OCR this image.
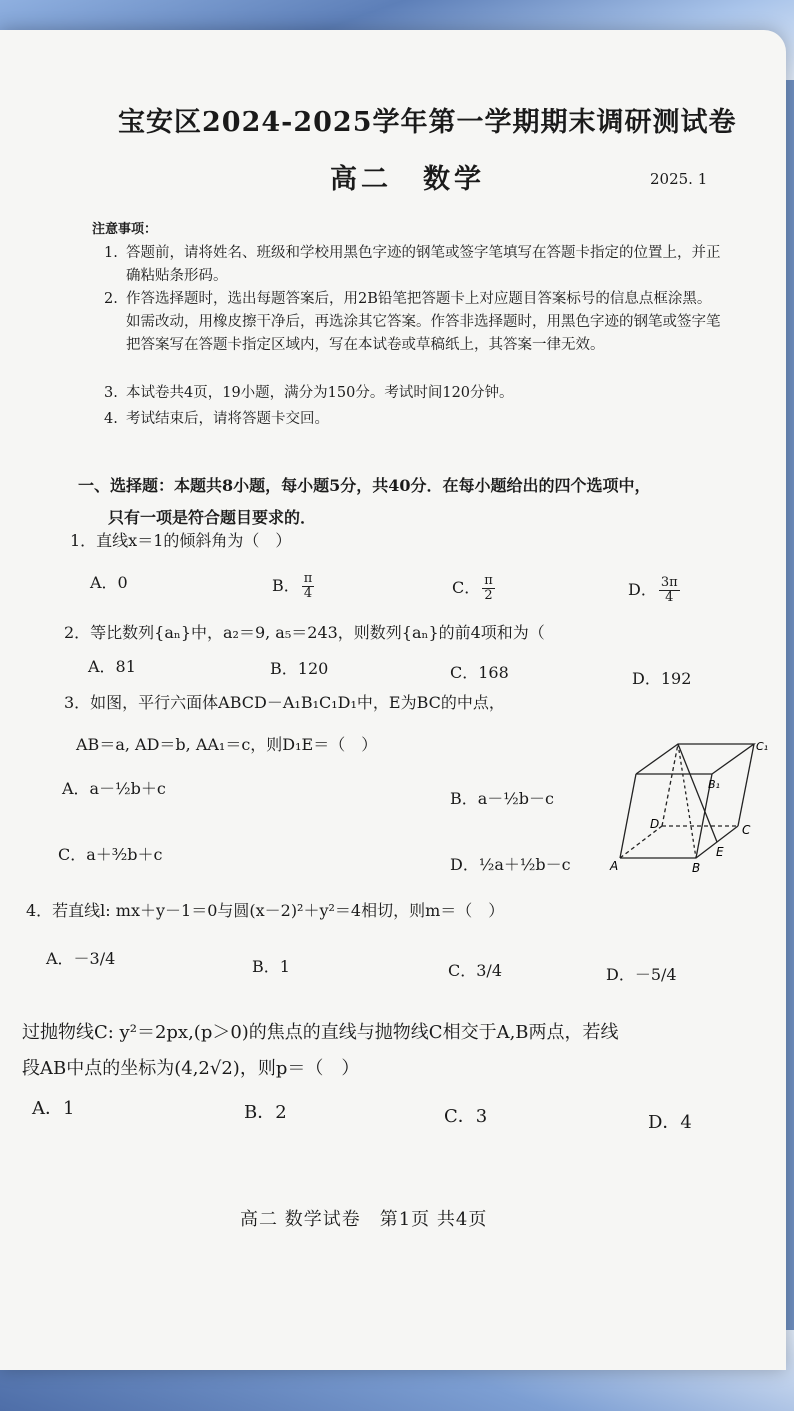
宝安区2024-2025学年第一学期期末调研测试卷
高二　数学	2025. 1
注意事项：
1. 答题前，请将姓名、班级和学校用黑色字迹的钢笔或签字笔填写在答题卡指定的位置上，并正确粘贴条形码。
2. 作答选择题时，选出每题答案后，用2B铅笔把答题卡上对应题目答案标号的信息点框涂黑。如需改动，用橡皮擦干净后，再选涂其它答案。作答非选择题时，用黑色字迹的钢笔或签字笔把答案写在答题卡指定区域内，写在本试卷或草稿纸上，其答案一律无效。
3. 本试卷共4页，19小题，满分为150分。考试时间120分钟。
4. 考试结束后，请将答题卡交回。
一、选择题：本题共8小题，每小题5分，共40分．在每小题给出的四个选项中，
只有一项是符合题目要求的．
1．直线x＝1的倾斜角为（　）
A．0	B． $\frac{\pi}{4}$	C． $\frac{\pi}{2}$	D． $\frac{3\pi}{4}$
2．等比数列{aₙ}中，a₂＝9, a₅＝243，则数列{aₙ}的前4项和为（
A．81	B．120	C．168	D．192
3．如图，平行六面体ABCD－A₁B₁C₁D₁中，E为BC的中点，
AB＝a, AD＝b, AA₁＝c，则D₁E＝（　）
A．a－½b＋c
B．a－½b－c
C．a＋³⁄₂b＋c
D．½a＋½b－c	A	B
C
D
E
B₁
C₁
4．若直线l: mx＋y－1＝0与圆(x－2)²＋y²＝4相切，则m＝（　）
A．－3/4	B．1	C．3/4	D．－5/4
过抛物线C: y²＝2px,(p＞0)的焦点的直线与抛物线C相交于A,B两点，若线
段AB中点的坐标为(4,2√2)，则p＝（　）
A．1	B．2	C．3	D．4
高二 数学试卷　第1页 共4页
